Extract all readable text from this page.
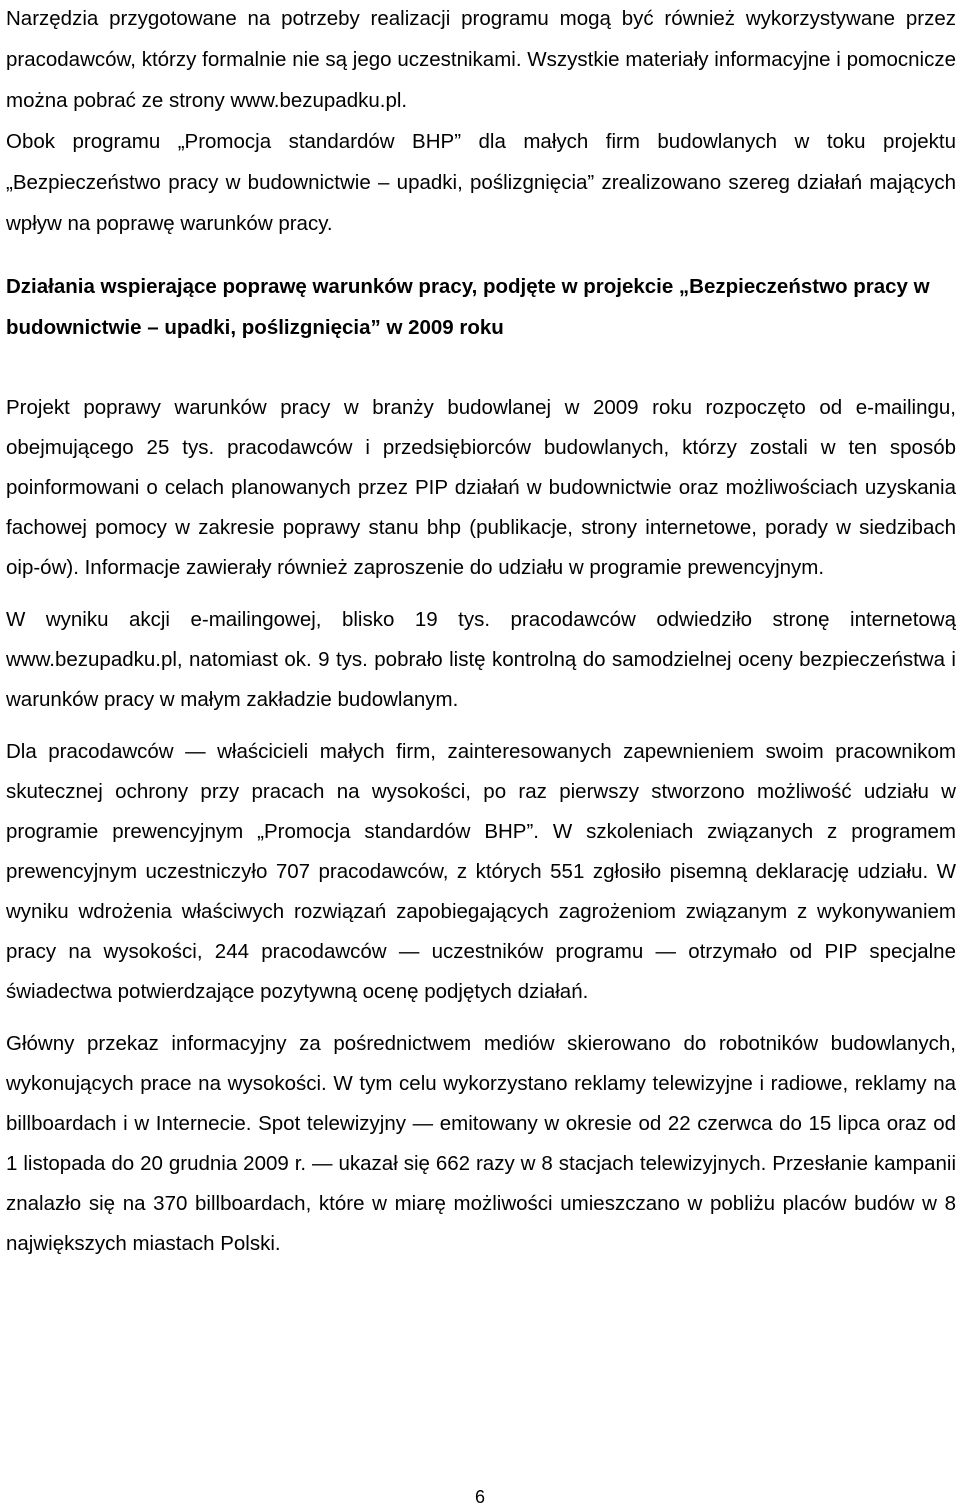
Narzędzia przygotowane na potrzeby realizacji programu mogą być również wykorzystywane przez pracodawców, którzy formalnie nie są jego uczestnikami. Wszystkie materiały informacyjne i pomocnicze można pobrać ze strony www.bezupadku.pl.

Obok programu „Promocja standardów BHP” dla małych firm budowlanych w toku projektu „Bezpieczeństwo pracy w budownictwie – upadki, poślizgnięcia” zrealizowano szereg działań mających wpływ na poprawę warunków pracy.

Działania wspierające poprawę warunków pracy, podjęte w projekcie „Bezpieczeństwo pracy w budownictwie – upadki, poślizgnięcia” w 2009 roku

Projekt poprawy warunków pracy w branży budowlanej w 2009 roku rozpoczęto od e-mailingu, obejmującego 25 tys. pracodawców i przedsiębiorców budowlanych, którzy zostali w ten sposób poinformowani o celach planowanych przez PIP działań w budownictwie oraz możliwościach uzyskania fachowej pomocy w zakresie poprawy stanu bhp (publikacje, strony internetowe, porady w siedzibach oip-ów). Informacje zawierały również zaproszenie do udziału w programie prewencyjnym.

W wyniku akcji e-mailingowej, blisko 19 tys. pracodawców odwiedziło stronę internetową www.bezupadku.pl, natomiast ok. 9 tys. pobrało listę kontrolną do samodzielnej oceny bezpieczeństwa i warunków pracy w małym zakładzie budowlanym.

Dla pracodawców — właścicieli małych firm, zainteresowanych zapewnieniem swoim pracownikom skutecznej ochrony przy pracach na wysokości, po raz pierwszy stworzono możliwość udziału w programie prewencyjnym „Promocja standardów BHP”. W szkoleniach związanych z programem prewencyjnym uczestniczyło 707 pracodawców, z których 551 zgłosiło pisemną deklarację udziału. W wyniku wdrożenia właściwych rozwiązań zapobiegających zagrożeniom związanym z wykonywaniem pracy na wysokości, 244 pracodawców — uczestników programu — otrzymało od PIP specjalne świadectwa potwierdzające pozytywną ocenę podjętych działań.

Główny przekaz informacyjny za pośrednictwem mediów skierowano do robotników budowlanych, wykonujących prace na wysokości. W tym celu wykorzystano reklamy telewizyjne i radiowe, reklamy na billboardach i w Internecie. Spot telewizyjny — emitowany w okresie od 22 czerwca do 15 lipca oraz od 1 listopada do 20 grudnia 2009 r. — ukazał się 662 razy w 8 stacjach telewizyjnych. Przesłanie kampanii znalazło się na 370 billboardach, które w miarę możliwości umieszczano w pobliżu placów budów w 8 największych miastach Polski.

6
